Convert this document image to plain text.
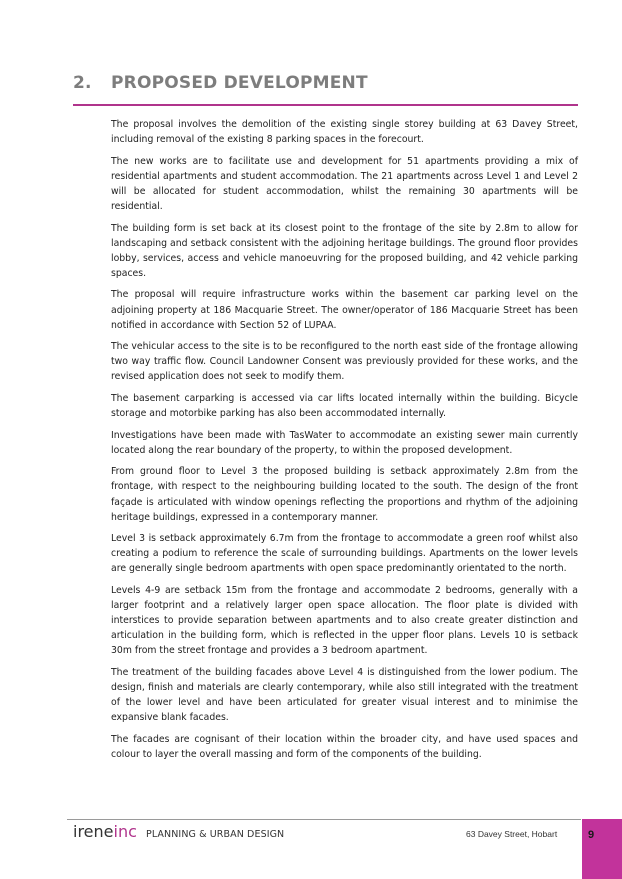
2. PROPOSED DEVELOPMENT

The proposal involves the demolition of the existing single storey building at 63 Davey Street, including removal of the existing 8 parking spaces in the forecourt.

The new works are to facilitate use and development for 51 apartments providing a mix of residential apartments and student accommodation. The 21 apartments across Level 1 and Level 2 will be allocated for student accommodation, whilst the remaining 30 apartments will be residential.

The building form is set back at its closest point to the frontage of the site by 2.8m to allow for landscaping and setback consistent with the adjoining heritage buildings. The ground floor provides lobby, services, access and vehicle manoeuvring for the proposed building, and 42 vehicle parking spaces.

The proposal will require infrastructure works within the basement car parking level on the adjoining property at 186 Macquarie Street. The owner/operator of 186 Macquarie Street has been notified in accordance with Section 52 of LUPAA.

The vehicular access to the site is to be reconfigured to the north east side of the frontage allowing two way traffic flow. Council Landowner Consent was previously provided for these works, and the revised application does not seek to modify them.

The basement carparking is accessed via car lifts located internally within the building. Bicycle storage and motorbike parking has also been accommodated internally.

Investigations have been made with TasWater to accommodate an existing sewer main currently located along the rear boundary of the property, to within the proposed development.

From ground floor to Level 3 the proposed building is setback approximately 2.8m from the frontage, with respect to the neighbouring building located to the south. The design of the front façade is articulated with window openings reflecting the proportions and rhythm of the adjoining heritage buildings, expressed in a contemporary manner.

Level 3 is setback approximately 6.7m from the frontage to accommodate a green roof whilst also creating a podium to reference the scale of surrounding buildings. Apartments on the lower levels are generally single bedroom apartments with open space predominantly orientated to the north.

Levels 4-9 are setback 15m from the frontage and accommodate 2 bedrooms, generally with a larger footprint and a relatively larger open space allocation. The floor plate is divided with interstices to provide separation between apartments and to also create greater distinction and articulation in the building form, which is reflected in the upper floor plans. Levels 10 is setback 30m from the street frontage and provides a 3 bedroom apartment.

The treatment of the building facades above Level 4 is distinguished from the lower podium. The design, finish and materials are clearly contemporary, while also still integrated with the treatment of the lower level and have been articulated for greater visual interest and to minimise the expansive blank facades.

The facades are cognisant of their location within the broader city, and have used spaces and colour to layer the overall massing and form of the components of the building.

ireneinc PLANNING & URBAN DESIGN	63 Davey Street, Hobart	9
